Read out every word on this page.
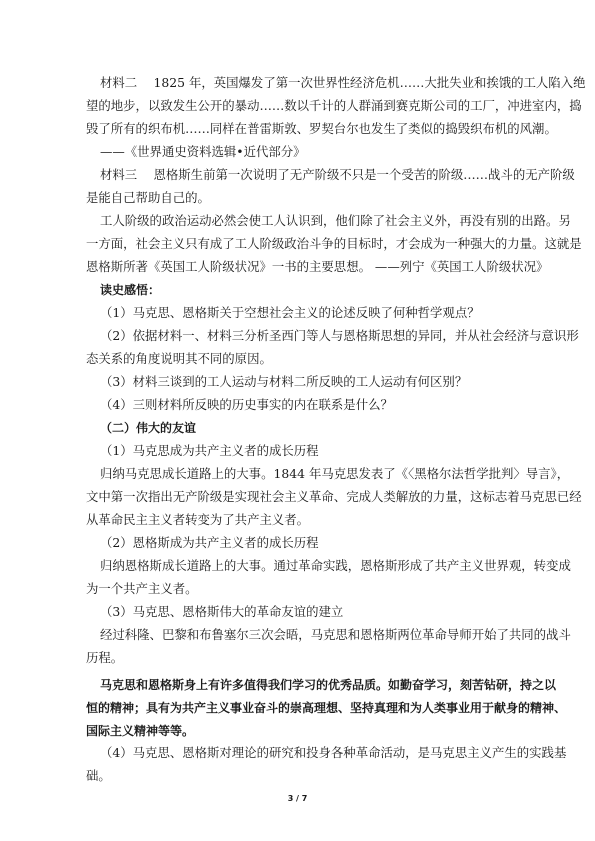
材料二　 1825 年，英国爆发了第一次世界性经济危机……大批失业和挨饿的工人陷入绝
望的地步，以致发生公开的暴动……数以千计的人群涌到赛克斯公司的工厂，冲进室内，捣
毁了所有的织布机……同样在普雷斯敦、罗契台尔也发生了类似的捣毁织布机的风潮。
——《世界通史资料选辑•近代部分》
材料三　 恩格斯生前第一次说明了无产阶级不只是一个受苦的阶级……战斗的无产阶级
是能自己帮助自己的。
工人阶级的政治运动必然会使工人认识到，他们除了社会主义外，再没有别的出路。另
一方面，社会主义只有成了工人阶级政治斗争的目标时，才会成为一种强大的力量。这就是
恩格斯所著《英国工人阶级状况》一书的主要思想。 ——列宁《英国工人阶级状况》
读史感悟：
（1）马克思、恩格斯关于空想社会主义的论述反映了何种哲学观点？
（2）依据材料一、材料三分析圣西门等人与恩格斯思想的异同，并从社会经济与意识形
态关系的角度说明其不同的原因。
（3）材料三谈到的工人运动与材料二所反映的工人运动有何区别？
（4）三则材料所反映的历史事实的内在联系是什么？
（二）伟大的友谊
（1）马克思成为共产主义者的成长历程
归纳马克思成长道路上的大事。1844 年马克思发表了《〈黑格尔法哲学批判〉导言》，
文中第一次指出无产阶级是实现社会主义革命、完成人类解放的力量，这标志着马克思已经
从革命民主主义者转变为了共产主义者。
（2）恩格斯成为共产主义者的成长历程
归纳恩格斯成长道路上的大事。通过革命实践，恩格斯形成了共产主义世界观，转变成
为一个共产主义者。
（3）马克思、恩格斯伟大的革命友谊的建立
经过科隆、巴黎和布鲁塞尔三次会晤，马克思和恩格斯两位革命导师开始了共同的战斗
历程。
马克思和恩格斯身上有许多值得我们学习的优秀品质。如勤奋学习，刻苦钻研，持之以
恒的精神；具有为共产主义事业奋斗的崇高理想、坚持真理和为人类事业用于献身的精神、
国际主义精神等等。
（4）马克思、恩格斯对理论的研究和投身各种革命活动，是马克思主义产生的实践基
础。
3 / 7
